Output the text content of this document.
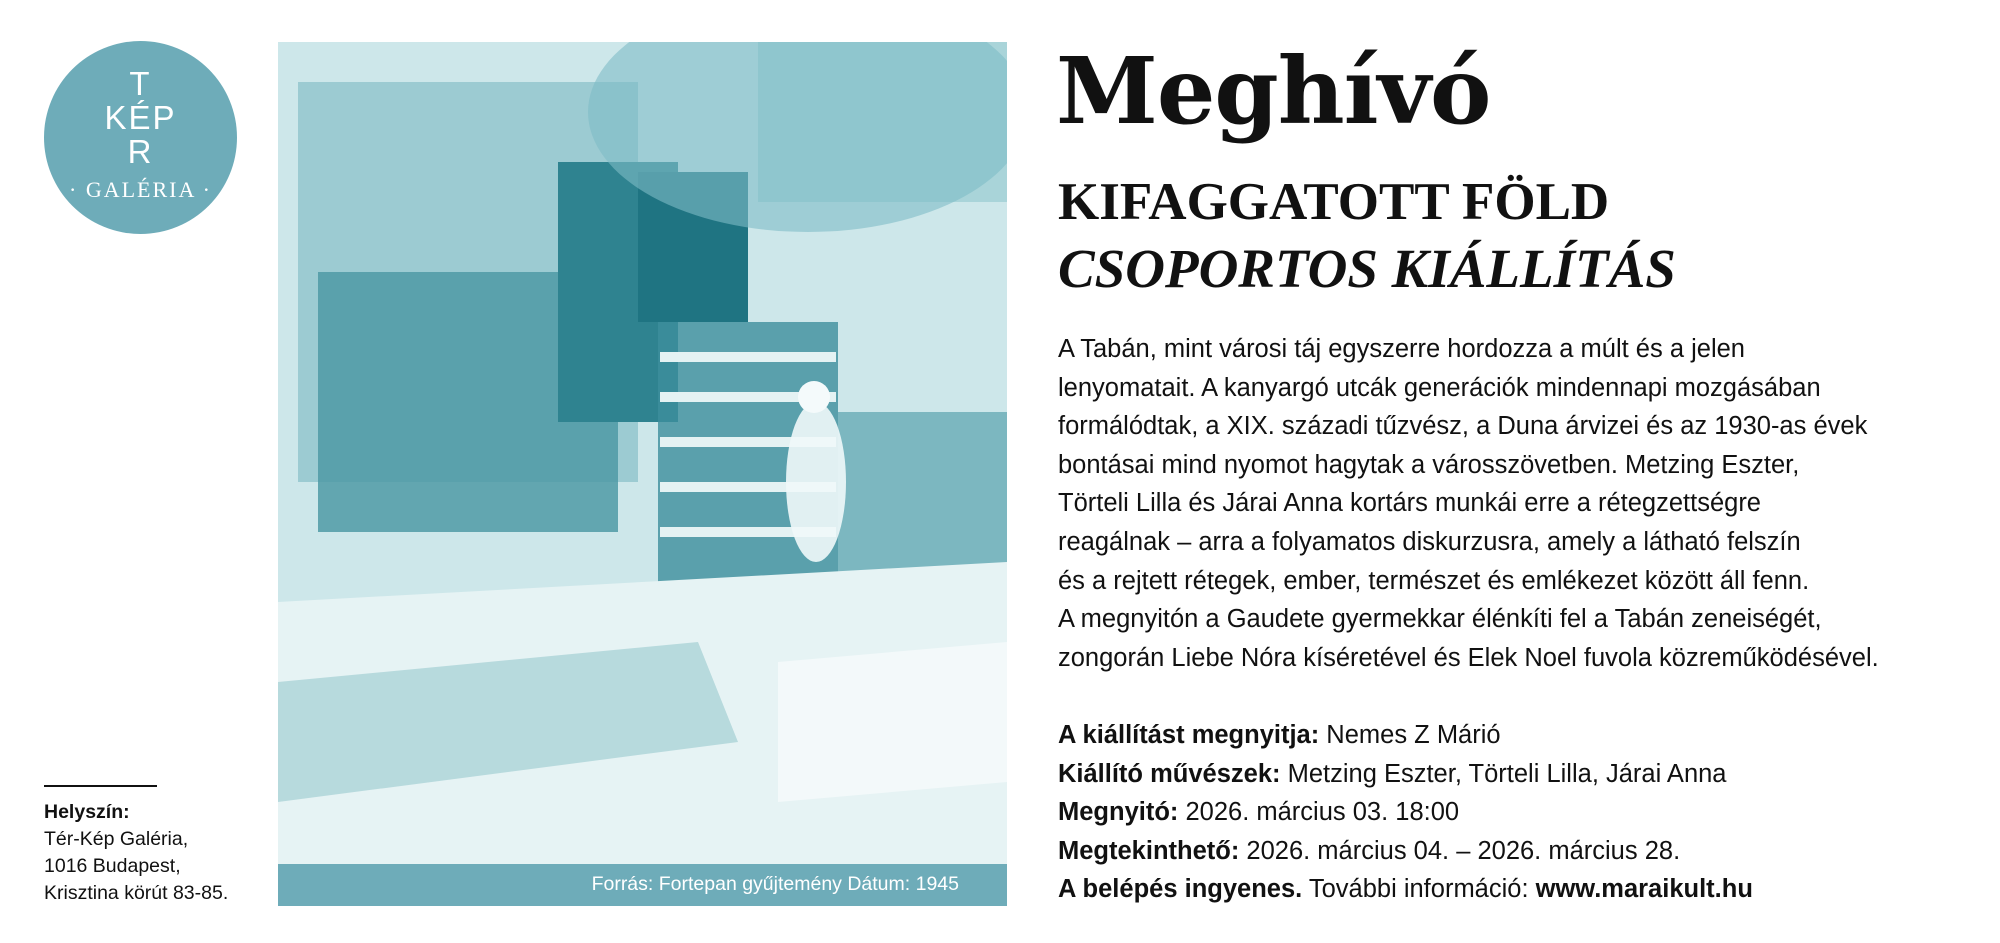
T
KÉP
R
· GALÉRIA ·
Helyszín:
Tér-Kép Galéria,
1016 Budapest,
Krisztina körút 83-85.	Forrás: Fortepan gyűjtemény Dátum: 1945
Meghívó
KIFAGGATOTT FÖLD
CSOPORTOS KIÁLLÍTÁS
A Tabán, mint városi táj egyszerre hordozza a múlt és a jelen
lenyomatait. A kanyargó utcák generációk mindennapi mozgásában
formálódtak, a XIX. századi tűzvész, a Duna árvizei és az 1930-as évek
bontásai mind nyomot hagytak a városszövetben. Metzing Eszter,
Törteli Lilla és Járai Anna kortárs munkái erre a rétegzettségre
reagálnak – arra a folyamatos diskurzusra, amely a látható felszín
és a rejtett rétegek, ember, természet és emlékezet között áll fenn.
A megnyitón a Gaudete gyermekkar élénkíti fel a Tabán zeneiségét,
zongorán Liebe Nóra kíséretével és Elek Noel fuvola közreműködésével.
A kiállítást megnyitja: Nemes Z Márió
Kiállító művészek: Metzing Eszter, Törteli Lilla, Járai Anna
Megnyitó: 2026. március 03. 18:00
Megtekinthető: 2026. március 04. – 2026. március 28.
A belépés ingyenes. További információ: www.maraikult.hu
